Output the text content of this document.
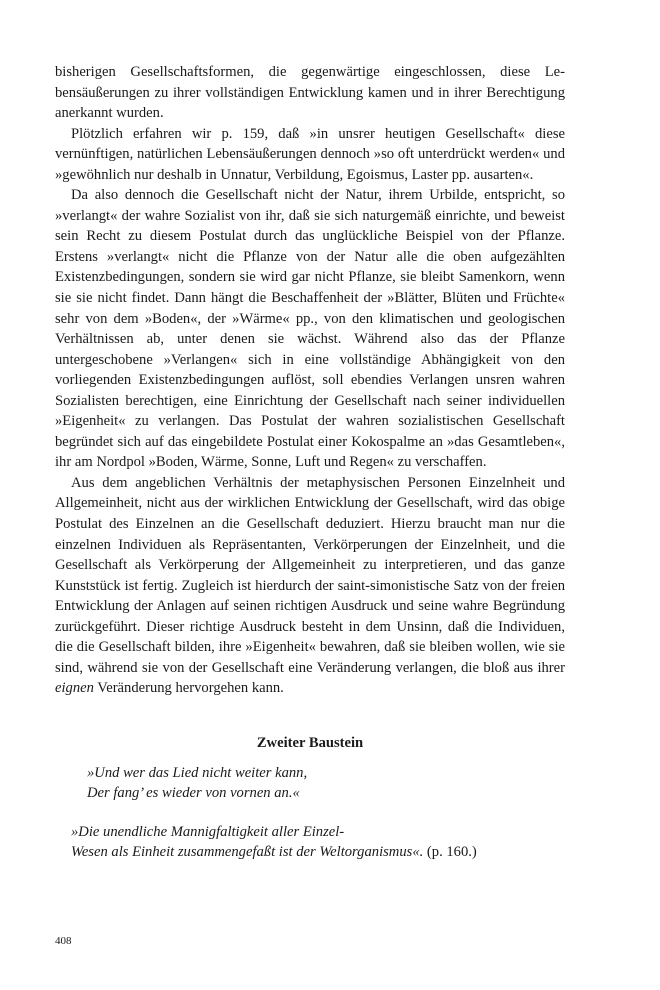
bisherigen Gesellschaftsformen, die gegenwärtige eingeschlossen, diese Lebensäußerungen zu ihrer vollständigen Entwicklung kamen und in ihrer Berechtigung anerkannt wurden.

Plötzlich erfahren wir p. 159, daß »in unsrer heutigen Gesellschaft« diese vernünftigen, natürlichen Lebensäußerungen dennoch »so oft unterdrückt werden« und »gewöhnlich nur deshalb in Unnatur, Verbildung, Egoismus, Laster pp. ausarten«.

Da also dennoch die Gesellschaft nicht der Natur, ihrem Urbilde, entspricht, so »verlangt« der wahre Sozialist von ihr, daß sie sich naturgemäß einrichte, und beweist sein Recht zu diesem Postulat durch das unglückliche Beispiel von der Pflanze. Erstens »verlangt« nicht die Pflanze von der Natur alle die oben aufgezählten Existenzbedingungen, sondern sie wird gar nicht Pflanze, sie bleibt Samenkorn, wenn sie sie nicht findet. Dann hängt die Beschaffenheit der »Blätter, Blüten und Früchte« sehr von dem »Boden«, der »Wärme« pp., von den klimatischen und geologischen Verhältnissen ab, unter denen sie wächst. Während also das der Pflanze untergeschobene »Verlangen« sich in eine vollständige Abhängigkeit von den vorliegenden Existenzbedingungen auflöst, soll ebendies Verlangen unsren wahren Sozialisten berechtigen, eine Einrichtung der Gesellschaft nach seiner individuellen »Eigenheit« zu verlangen. Das Postulat der wahren sozialistischen Gesellschaft begründet sich auf das eingebildete Postulat einer Kokospalme an »das Gesamtleben«, ihr am Nordpol »Boden, Wärme, Sonne, Luft und Regen« zu verschaffen.

Aus dem angeblichen Verhältnis der metaphysischen Personen Einzelnheit und Allgemeinheit, nicht aus der wirklichen Entwicklung der Gesellschaft, wird das obige Postulat des Einzelnen an die Gesellschaft deduziert. Hierzu braucht man nur die einzelnen Individuen als Repräsentanten, Verkörperungen der Einzelnheit, und die Gesellschaft als Verkörperung der Allgemeinheit zu interpretieren, und das ganze Kunststück ist fertig. Zugleich ist hierdurch der saint-simonistische Satz von der freien Entwicklung der Anlagen auf seinen richtigen Ausdruck und seine wahre Begründung zurückgeführt. Dieser richtige Ausdruck besteht in dem Unsinn, daß die Individuen, die die Gesellschaft bilden, ihre »Eigenheit« bewahren, daß sie bleiben wollen, wie sie sind, während sie von der Gesellschaft eine Veränderung verlangen, die bloß aus ihrer eignen Veränderung hervorgehen kann.

Zweiter Baustein
»Und wer das Lied nicht weiter kann,
Der fang’ es wieder von vornen an.«
»Die unendliche Mannigfaltigkeit aller Einzel-
Wesen als Einheit zusammengefaßt ist der Weltorganismus«. (p. 160.)
408
